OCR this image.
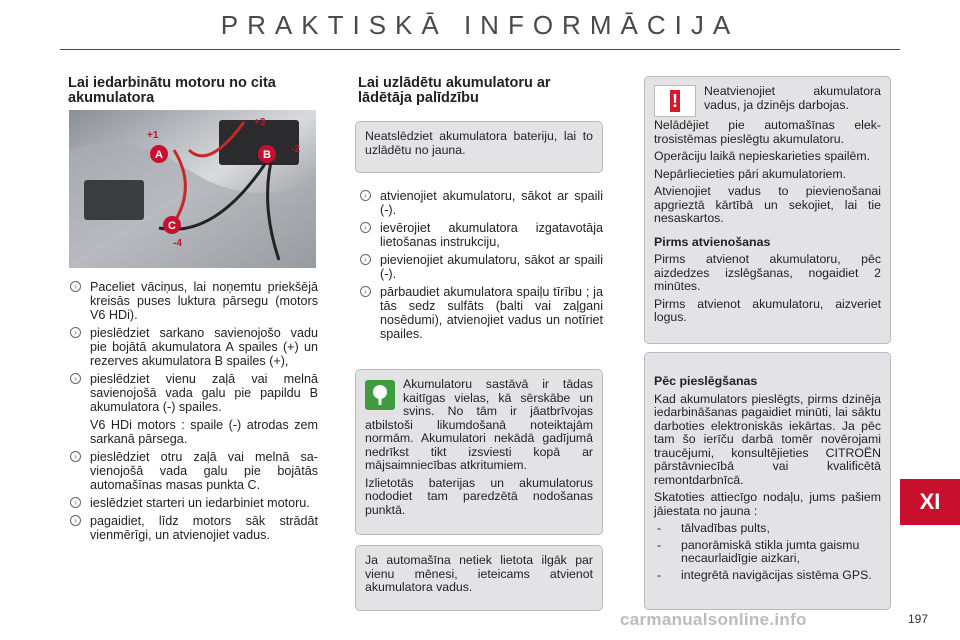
PRAKTISKĀ INFORMĀCIJA
Lai iedarbinātu motoru no cita akumulatora
A	B
C
+1
+3
-2
-4
›	Paceliet vāciņus, lai noņemtu priekšējā kreisās puses luktura pārsegu (motors V6 HDi).
›	pieslēdziet sarkano savienojošo vadu pie bojātā akumulatora A spailes (+) un rezerves akumulatora B spailes (+),
›	pieslēdziet vienu zaļā vai melnā savienojošā vada galu pie papildu B akumulatora (-) spailes.
V6 HDi motors : spaile (-) atrodas zem sarkanā pārsega.
›	pieslēdziet otru zaļā vai melnā savienojošā vada galu pie bojātās automašīnas masas punkta C.
›	ieslēdziet starteri un iedarbiniet motoru.
›	pagaidiet, līdz motors sāk strādāt vienmērīgi, un atvienojiet vadus.
Lai uzlādētu akumulatoru ar lādētāja palīdzību

Neatslēdziet akumulatora bateriju, lai to uzlādētu no jauna.

›	atvienojiet akumulatoru, sākot ar spaili (-).
›	ievērojiet akumulatora izgatavotāja lietošanas instrukciju,
›	pievienojiet akumulatoru, sākot ar spaili (-).
›	pārbaudiet akumulatora spaiļu tīrību ; ja tās sedz sulfāts (balti vai zaļgani nosēdumi), atvienojiet vadus un notīriet spailes.

Akumulatoru sastāvā ir tādas kaitīgas vielas, kā sērskābe un svins. No tām ir jāatbrīvojas atbilstoši likumdošanā noteiktajām normām. Akumulatori nekādā gadījumā nedrīkst tikt izsviesti kopā ar mājsaimniecības atkritumiem.

Izlietotās baterijas un akumulatorus nododiet tam paredzētā nodošanas punktā.

Ja automašīna netiek lietota ilgāk par vienu mēnesi, ieteicams atvienot akumulatora vadus.

!	Neatvienojiet akumulatora vadus, ja dzinējs darbojas.

Nelādējiet pie automašīnas elektrosistēmas pieslēgtu akumulatoru.

Operāciju laikā nepieskarieties spailēm.

Nepārliecieties pāri akumulatoriem.

Atvienojiet vadus to pievienošanai apgrieztā kārtībā un sekojiet, lai tie nesaskartos.

Pirms atvienošanas

Pirms atvienot akumulatoru, pēc aizdedzes izslēgšanas, nogaidiet 2 minūtes.

Pirms atvienot akumulatoru, aizveriet logus.

Pēc pieslēgšanas

Kad akumulators pieslēgts, pirms dzinēja iedarbināšanas pagaidiet minūti, lai sāktu darboties elektroniskās iekārtas. Ja pēc tam šo ierīču darbā tomēr novērojami traucējumi, konsultējieties CITROËN pārstāvniecībā vai kvalificētā remontdarbnīcā.

Skatoties attiecīgo nodaļu, jums pašiem jāiestata no jauna :

- tālvadības pults,
- panorāmiskā stikla jumta gaismu necaurlaidīgie aizkari,
- integrētā navigācijas sistēma GPS.
XI
carmanualsonline.info	197
